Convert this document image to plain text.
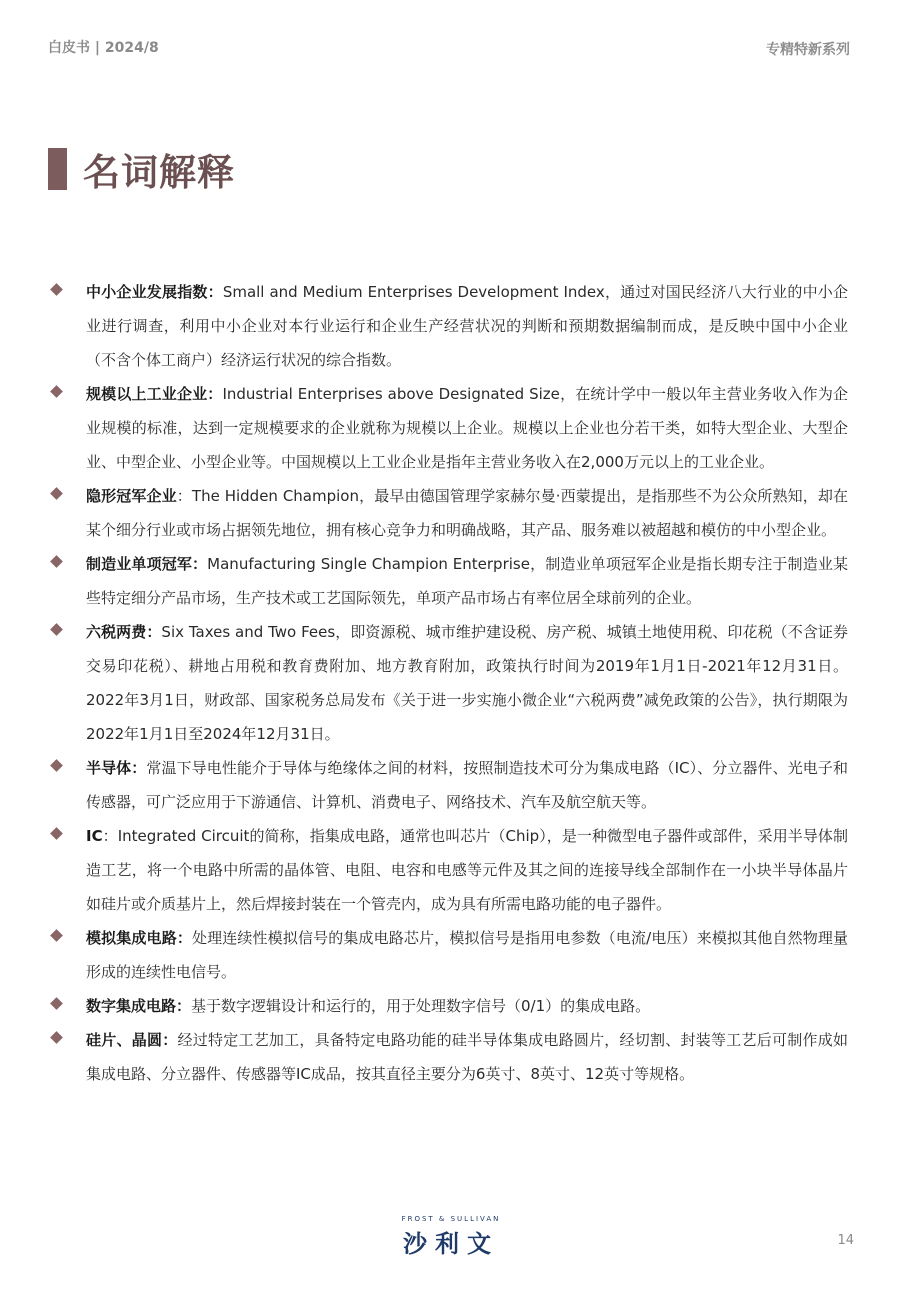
白皮书 | 2024/8	专精特新系列
名词解释
中小企业发展指数：Small and Medium Enterprises Development Index，通过对国民经济八大行业的中小企业进行调查，利用中小企业对本行业运行和企业生产经营状况的判断和预期数据编制而成，是反映中国中小企业（不含个体工商户）经济运行状况的综合指数。
规模以上工业企业：Industrial Enterprises above Designated Size，在统计学中一般以年主营业务收入作为企业规模的标准，达到一定规模要求的企业就称为规模以上企业。规模以上企业也分若干类，如特大型企业、大型企业、中型企业、小型企业等。中国规模以上工业企业是指年主营业务收入在2,000万元以上的工业企业。
隐形冠军企业：The Hidden Champion，最早由德国管理学家赫尔曼·西蒙提出，是指那些不为公众所熟知，却在某个细分行业或市场占据领先地位，拥有核心竞争力和明确战略，其产品、服务难以被超越和模仿的中小型企业。
制造业单项冠军：Manufacturing Single Champion Enterprise，制造业单项冠军企业是指长期专注于制造业某些特定细分产品市场，生产技术或工艺国际领先，单项产品市场占有率位居全球前列的企业。
六税两费：Six Taxes and Two Fees，即资源税、城市维护建设税、房产税、城镇土地使用税、印花税（不含证券交易印花税）、耕地占用税和教育费附加、地方教育附加，政策执行时间为2019年1月1日-2021年12月31日。2022年3月1日，财政部、国家税务总局发布《关于进一步实施小微企业“六税两费”减免政策的公告》，执行期限为2022年1月1日至2024年12月31日。
半导体：常温下导电性能介于导体与绝缘体之间的材料，按照制造技术可分为集成电路（IC）、分立器件、光电子和传感器，可广泛应用于下游通信、计算机、消费电子、网络技术、汽车及航空航天等。
IC：Integrated Circuit的简称，指集成电路，通常也叫芯片（Chip），是一种微型电子器件或部件，采用半导体制造工艺，将一个电路中所需的晶体管、电阻、电容和电感等元件及其之间的连接导线全部制作在一小块半导体晶片如硅片或介质基片上，然后焊接封装在一个管壳内，成为具有所需电路功能的电子器件。
模拟集成电路：处理连续性模拟信号的集成电路芯片，模拟信号是指用电参数（电流/电压）来模拟其他自然物理量形成的连续性电信号。
数字集成电路：基于数字逻辑设计和运行的，用于处理数字信号（0/1）的集成电路。
硅片、晶圆：经过特定工艺加工，具备特定电路功能的硅半导体集成电路圆片，经切割、封装等工艺后可制作成如集成电路、分立器件、传感器等IC成品，按其直径主要分为6英寸、8英寸、12英寸等规格。
FROST & SULLIVAN
沙利文	14
